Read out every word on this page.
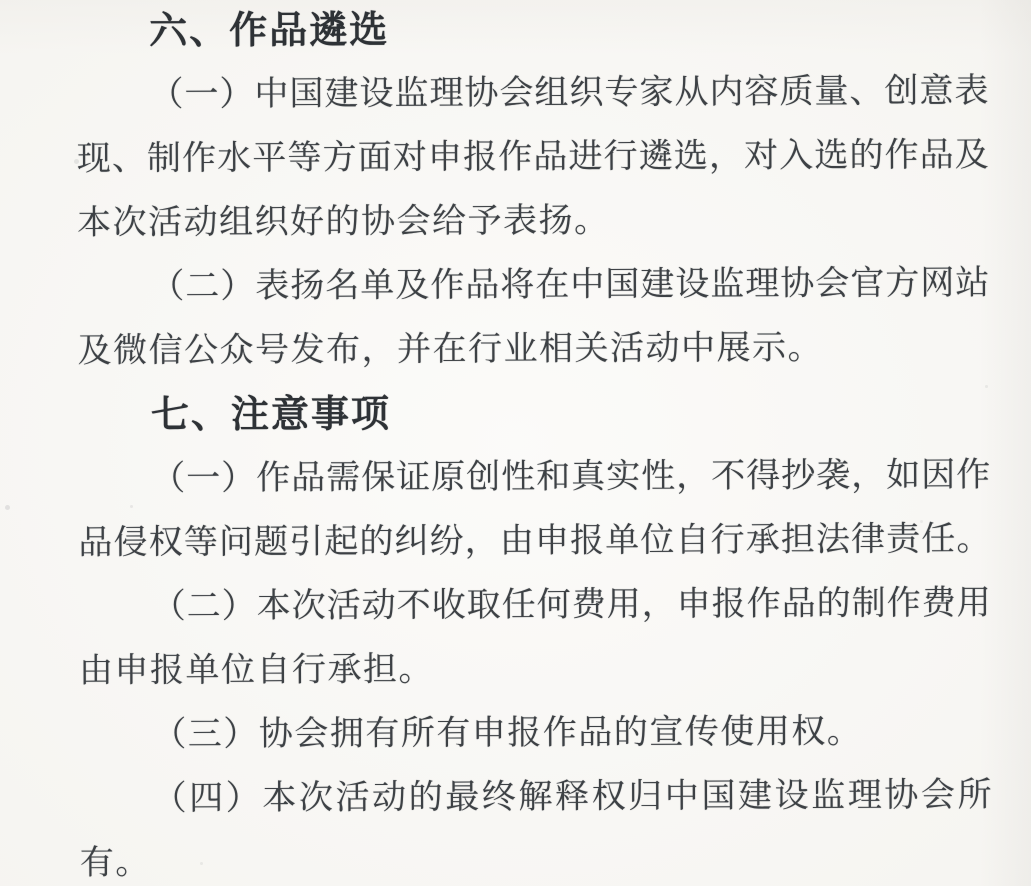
六、作品遴选
（一）中国建设监理协会组织专家从内容质量、创意表
现、制作水平等方面对申报作品进行遴选，对入选的作品及
本次活动组织好的协会给予表扬。
（二）表扬名单及作品将在中国建设监理协会官方网站
及微信公众号发布，并在行业相关活动中展示。
七、注意事项
（一）作品需保证原创性和真实性，不得抄袭，如因作
品侵权等问题引起的纠纷，由申报单位自行承担法律责任。
（二）本次活动不收取任何费用，申报作品的制作费用
由申报单位自行承担。
（三）协会拥有所有申报作品的宣传使用权。
（四）本次活动的最终解释权归中国建设监理协会所
有。
